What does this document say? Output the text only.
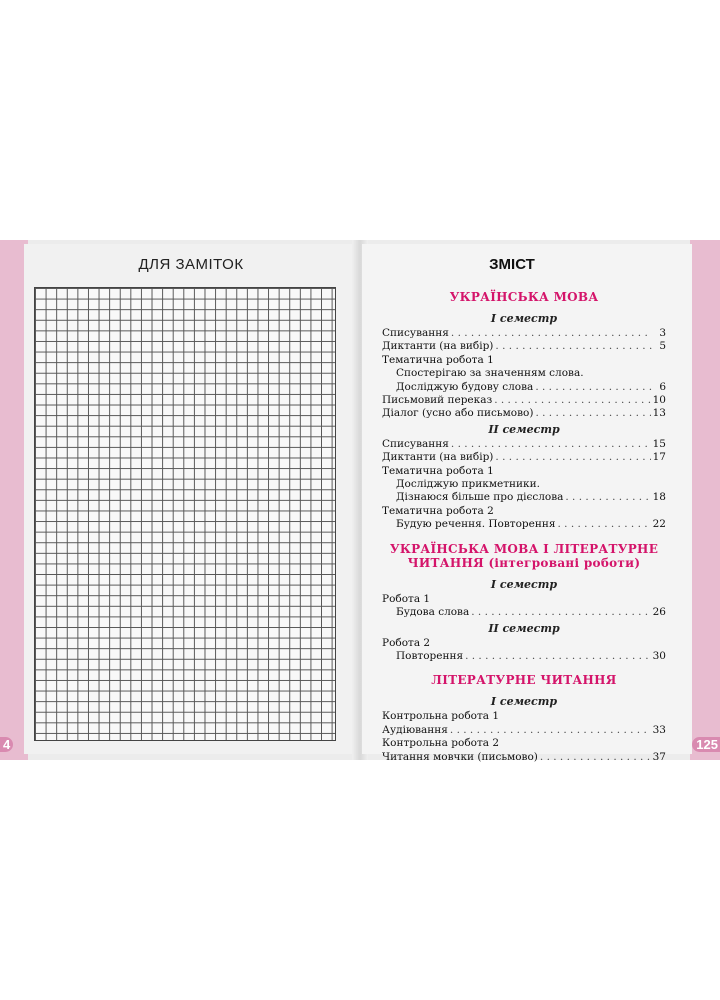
ДЛЯ ЗАМІТОК	ЗМІСТ
УКРАЇНСЬКА МОВА
I семестр
Списування . . .	3
Диктанти (на вибір) . . .	5
Тематична робота 1
Спостерігаю за значенням слова.
Досліджую будову слова . . .	6
Письмовий переказ . . .	10
Діалог (усно або письмово) . . .	13
II семестр
Списування . . .	15
Диктанти (на вибір) . . .	17
Тематична робота 1
Досліджую прикметники.
Дізнаюся більше про дієслова . . .	18
Тематична робота 2
Будую речення. Повторення . . .	22
УКРАЇНСЬКА МОВА І ЛІТЕРАТУРНЕ
ЧИТАННЯ (інтегровані роботи)
I семестр
Робота 1
Будова слова . . .	26
II семестр
Робота 2
Повторення . . .	30
ЛІТЕРАТУРНЕ ЧИТАННЯ
I семестр
Контрольна робота 1
Аудіювання . . .	33
Контрольна робота 2
Читання мовчки (письмово) . . .	37
4	125
